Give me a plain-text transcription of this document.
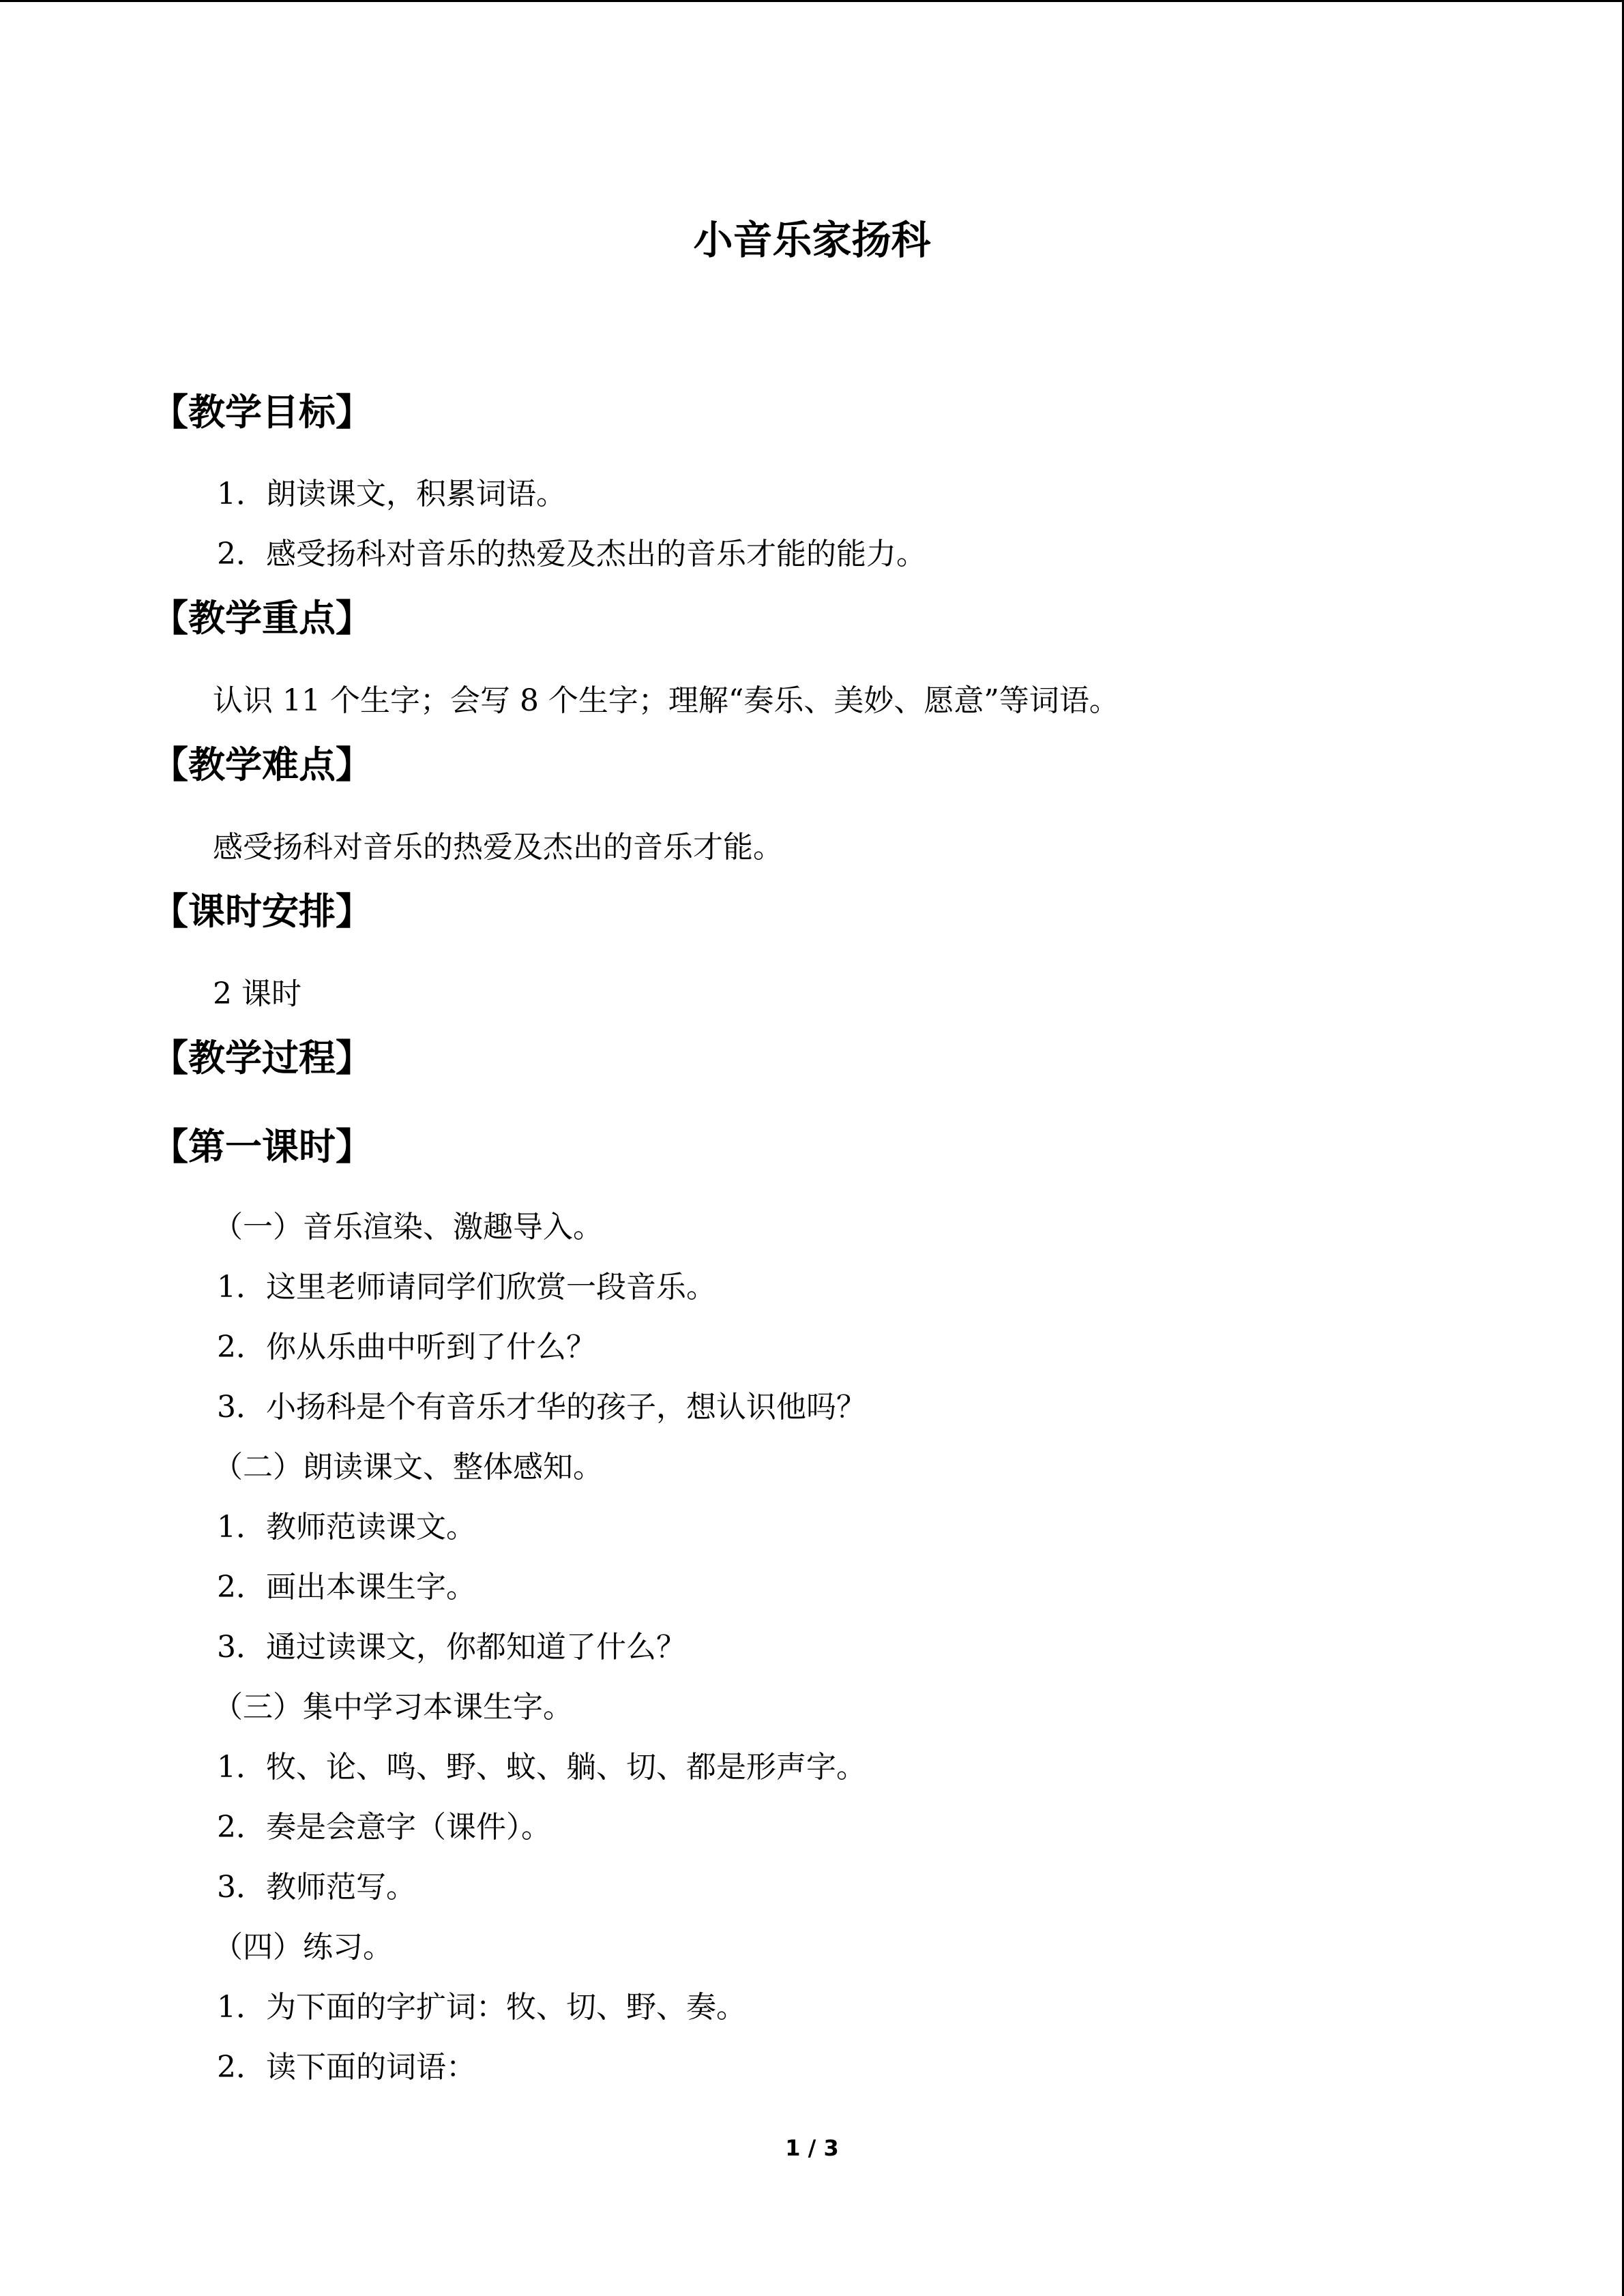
小音乐家扬科
【教学目标】
1．朗读课文，积累词语。
2．感受扬科对音乐的热爱及杰出的音乐才能的能力。
【教学重点】
认识 11 个生字；会写 8 个生字；理解“奏乐、美妙、愿意”等词语。
【教学难点】
感受扬科对音乐的热爱及杰出的音乐才能。
【课时安排】
2 课时
【教学过程】
【第一课时】
（一）音乐渲染、激趣导入。
1．这里老师请同学们欣赏一段音乐。
2．你从乐曲中听到了什么？
3．小扬科是个有音乐才华的孩子，想认识他吗？
（二）朗读课文、整体感知。
1．教师范读课文。
2．画出本课生字。
3．通过读课文，你都知道了什么？
（三）集中学习本课生字。
1．牧、论、鸣、野、蚊、躺、切、都是形声字。
2．奏是会意字（课件）。
3．教师范写。
（四）练习。
1．为下面的字扩词：牧、切、野、奏。
2．读下面的词语：
1 / 3
